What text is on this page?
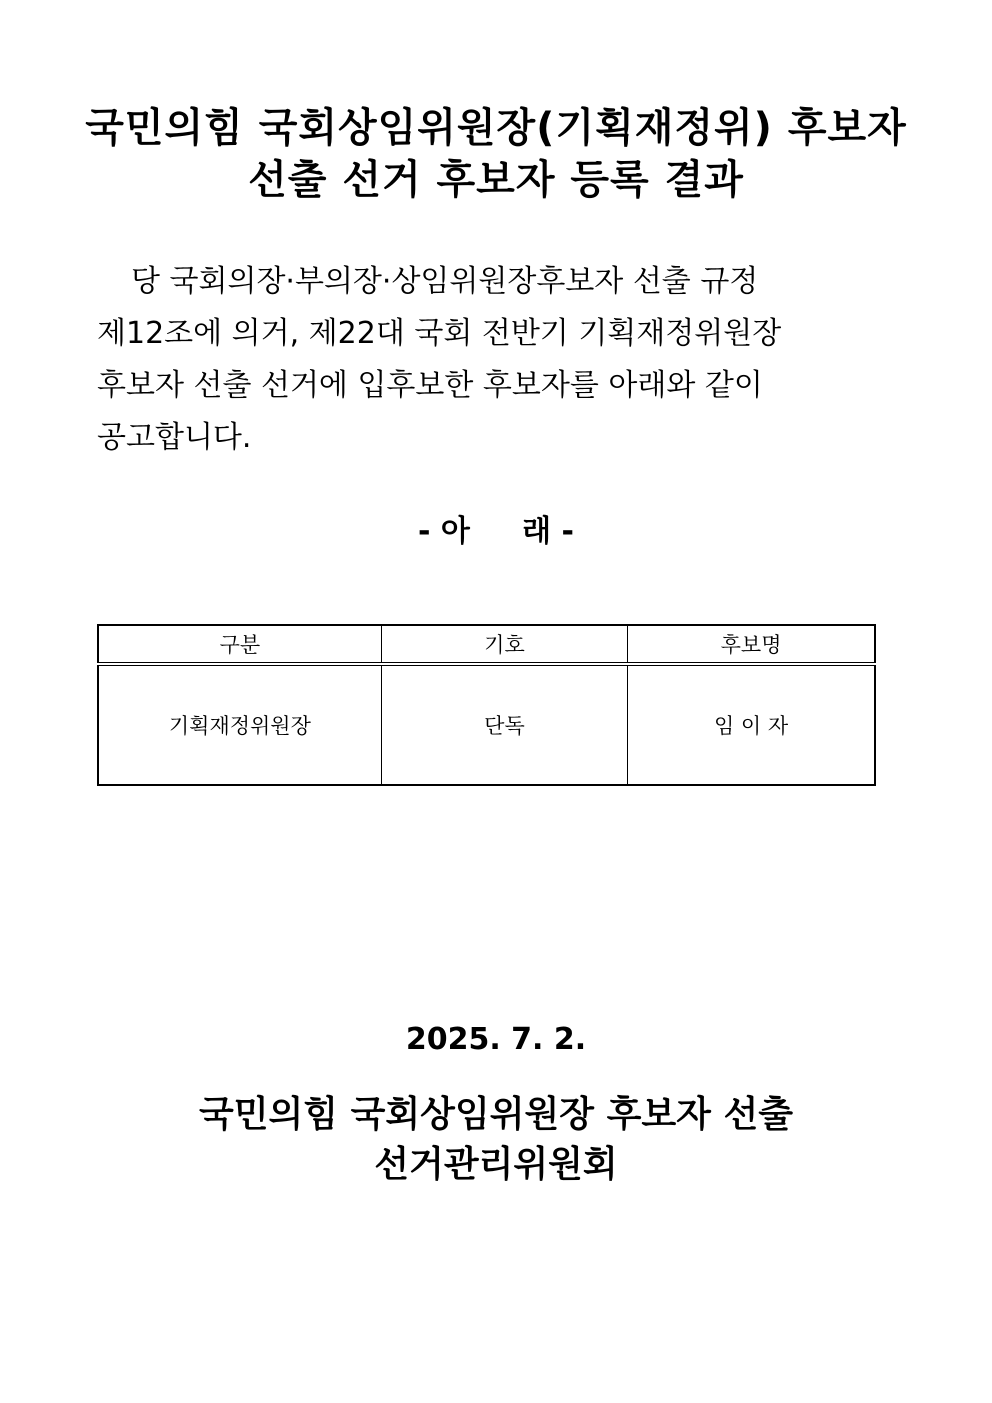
국민의힘 국회상임위원장(기획재정위) 후보자
선출 선거 후보자 등록 결과
당 국회의장·부의장·상임위원장후보자 선출 규정
제12조에 의거, 제22대 국회 전반기 기획재정위원장
후보자 선출 선거에 입후보한 후보자를 아래와 같이
공고합니다.
- 아     래 -
구분	기호	후보명
기획재정위원장	단독	임 이 자
2025. 7. 2.
국민의힘 국회상임위원장 후보자 선출
선거관리위원회
